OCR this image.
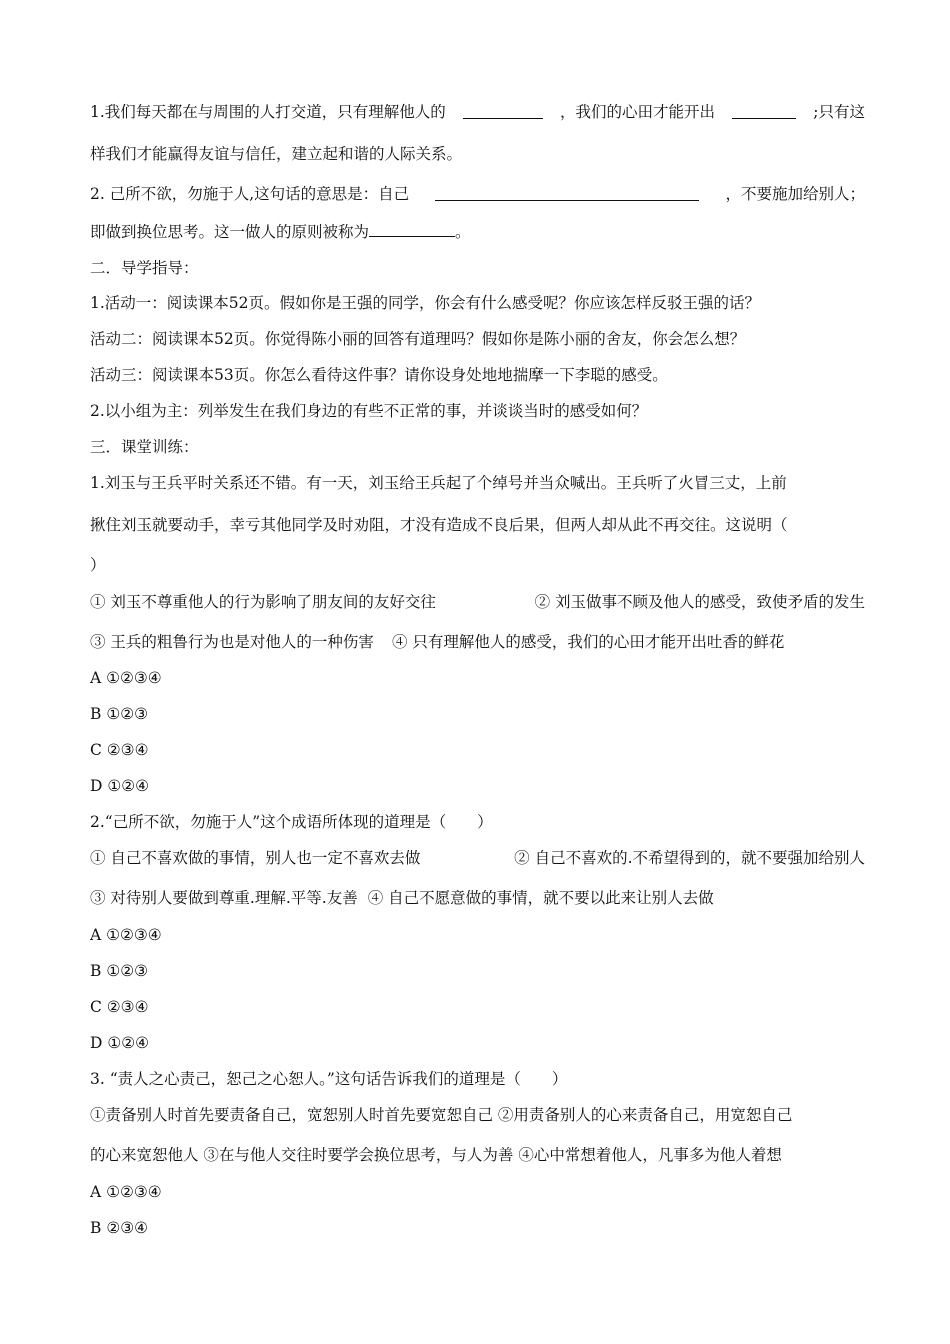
1.我们每天都在与周围的人打交道，只有理解他人的	，我们的心田才能开出	;只有这
样我们才能赢得友谊与信任，建立起和谐的人际关系。
2. 己所不欲，勿施于人,这句话的意思是：自己	，不要施加给别人；
即做到换位思考。这一做人的原则被称为	。
二．导学指导：
1.活动一：阅读课本52页。假如你是王强的同学，你会有什么感受呢？你应该怎样反驳王强的话？
活动二：阅读课本52页。你觉得陈小丽的回答有道理吗？假如你是陈小丽的舍友，你会怎么想？
活动三：阅读课本53页。你怎么看待这件事？请你设身处地地揣摩一下李聪的感受。
2.以小组为主：列举发生在我们身边的有些不正常的事，并谈谈当时的感受如何？
三．课堂训练：
1.刘玉与王兵平时关系还不错。有一天，刘玉给王兵起了个绰号并当众喊出。王兵听了火冒三丈，上前
揪住刘玉就要动手，幸亏其他同学及时劝阻，才没有造成不良后果，但两人却从此不再交往。这说明（
）
① 刘玉不尊重他人的行为影响了朋友间的友好交往	② 刘玉做事不顾及他人的感受，致使矛盾的发生
③ 王兵的粗鲁行为也是对他人的一种伤害 ④ 只有理解他人的感受，我们的心田才能开出吐香的鲜花
A ①②③④
B ①②③
C ②③④
D ①②④
2.“己所不欲，勿施于人”这个成语所体现的道理是（　　）
① 自己不喜欢做的事情，别人也一定不喜欢去做	② 自己不喜欢的.不希望得到的，就不要强加给别人
③ 对待别人要做到尊重.理解.平等.友善 ④ 自己不愿意做的事情，就不要以此来让别人去做
A ①②③④
B ①②③
C ②③④
D ①②④
3. “责人之心责己，恕己之心恕人。”这句话告诉我们的道理是（　　）
①责备别人时首先要责备自己，宽恕别人时首先要宽恕自己 ②用责备别人的心来责备自己，用宽恕自己
的心来宽恕他人 ③在与他人交往时要学会换位思考，与人为善 ④心中常想着他人，凡事多为他人着想
A ①②③④
B ②③④
